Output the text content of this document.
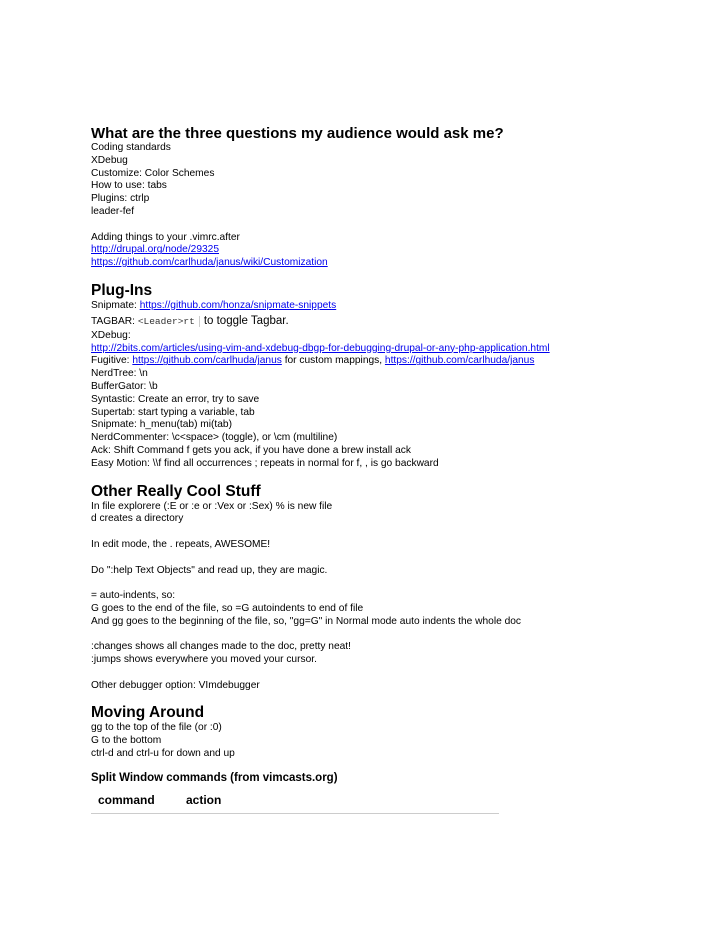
What are the three questions my audience would ask me?
Coding standards
XDebug
Customize: Color Schemes
How to use: tabs
Plugins: ctrlp
leader-fef
Adding things to your .vimrc.after
http://drupal.org/node/29325
https://github.com/carlhuda/janus/wiki/Customization
Plug-Ins
Snipmate: https://github.com/honza/snipmate-snippets
TAGBAR: <Leader>rt to toggle Tagbar.
XDebug:
http://2bits.com/articles/using-vim-and-xdebug-dbgp-for-debugging-drupal-or-any-php-application.html
Fugitive: https://github.com/carlhuda/janus for custom mappings, https://github.com/carlhuda/janus
NerdTree: \n
BufferGator: \b
Syntastic: Create an error, try to save
Supertab: start typing a variable, tab
Snipmate: h_menu(tab) mi(tab)
NerdCommenter: \c<space> (toggle), or \cm (multiline)
Ack: Shift Command f gets you ack, if you have done a brew install ack
Easy Motion: \\f find all occurrences ; repeats in normal for f, , is go backward
Other Really Cool Stuff
In file explorere (:E or :e or :Vex or :Sex) % is new file
d creates a directory
In edit mode, the . repeats, AWESOME!
Do ":help Text Objects" and read up, they are magic.
= auto-indents, so:
G goes to the end of the file, so =G autoindents to end of file
And gg goes to the beginning of the file, so, "gg=G" in Normal mode auto indents the whole doc
:changes shows all changes made to the doc, pretty neat!
:jumps shows everywhere you moved your cursor.
Other debugger option: VImdebugger
Moving Around
gg to the top of the file (or :0)
G to the bottom
ctrl-d and ctrl-u for down and up
Split Window commands (from vimcasts.org)
command	action
